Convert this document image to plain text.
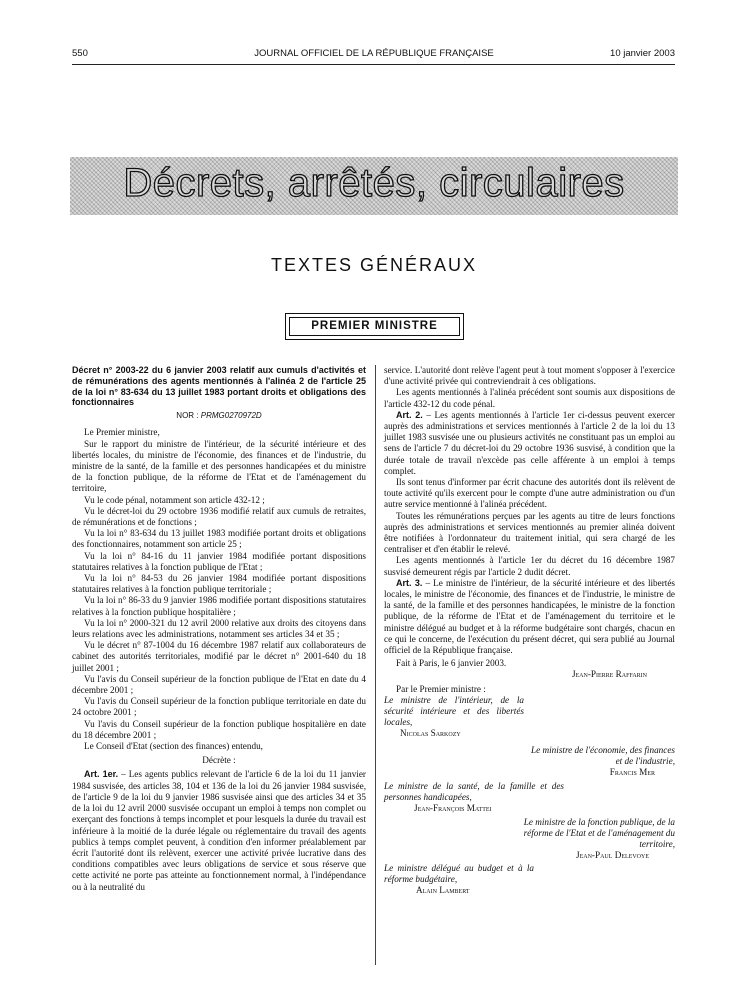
550	JOURNAL OFFICIEL DE LA RÉPUBLIQUE FRANÇAISE	10 janvier 2003
Décrets, arrêtés, circulaires
TEXTES GÉNÉRAUX
PREMIER MINISTRE

Décret n° 2003-22 du 6 janvier 2003 relatif aux cumuls d'activités et de rémunérations des agents mentionnés à l'alinéa 2 de l'article 25 de la loi n° 83-634 du 13 juillet 1983 portant droits et obligations des fonctionnaires

NOR : PRMG0270972D

Le Premier ministre,

Sur le rapport du ministre de l'intérieur, de la sécurité intérieure et des libertés locales, du ministre de l'économie, des finances et de l'industrie, du ministre de la santé, de la famille et des personnes handicapées et du ministre de la fonction publique, de la réforme de l'Etat et de l'aménagement du territoire,

Vu le code pénal, notamment son article 432-12 ;

Vu le décret-loi du 29 octobre 1936 modifié relatif aux cumuls de retraites, de rémunérations et de fonctions ;

Vu la loi n° 83-634 du 13 juillet 1983 modifiée portant droits et obligations des fonctionnaires, notamment son article 25 ;

Vu la loi n° 84-16 du 11 janvier 1984 modifiée portant dispositions statutaires relatives à la fonction publique de l'Etat ;

Vu la loi n° 84-53 du 26 janvier 1984 modifiée portant dispositions statutaires relatives à la fonction publique territoriale ;

Vu la loi n° 86-33 du 9 janvier 1986 modifiée portant dispositions statutaires relatives à la fonction publique hospitalière ;

Vu la loi n° 2000-321 du 12 avril 2000 relative aux droits des citoyens dans leurs relations avec les administrations, notamment ses articles 34 et 35 ;

Vu le décret n° 87-1004 du 16 décembre 1987 relatif aux collaborateurs de cabinet des autorités territoriales, modifié par le décret n° 2001-640 du 18 juillet 2001 ;

Vu l'avis du Conseil supérieur de la fonction publique de l'Etat en date du 4 décembre 2001 ;

Vu l'avis du Conseil supérieur de la fonction publique territoriale en date du 24 octobre 2001 ;

Vu l'avis du Conseil supérieur de la fonction publique hospitalière en date du 18 décembre 2001 ;

Le Conseil d'Etat (section des finances) entendu,

Décrète :

Art. 1er. – Les agents publics relevant de l'article 6 de la loi du 11 janvier 1984 susvisée, des articles 38, 104 et 136 de la loi du 26 janvier 1984 susvisée, de l'article 9 de la loi du 9 janvier 1986 susvisée ainsi que des articles 34 et 35 de la loi du 12 avril 2000 susvisée occupant un emploi à temps non complet ou exerçant des fonctions à temps incomplet et pour lesquels la durée du travail est inférieure à la moitié de la durée légale ou réglementaire du travail des agents publics à temps complet peuvent, à condition d'en informer préalablement par écrit l'autorité dont ils relèvent, exercer une activité privée lucrative dans des conditions compatibles avec leurs obligations de service et sous réserve que cette activité ne porte pas atteinte au fonctionnement normal, à l'indépendance ou à la neutralité du

service. L'autorité dont relève l'agent peut à tout moment s'opposer à l'exercice d'une activité privée qui contreviendrait à ces obligations.

Les agents mentionnés à l'alinéa précédent sont soumis aux dispositions de l'article 432-12 du code pénal.

Art. 2. – Les agents mentionnés à l'article 1er ci-dessus peuvent exercer auprès des administrations et services mentionnés à l'article 2 de la loi du 13 juillet 1983 susvisée une ou plusieurs activités ne constituant pas un emploi au sens de l'article 7 du décret-loi du 29 octobre 1936 susvisé, à condition que la durée totale de travail n'excède pas celle afférente à un emploi à temps complet.

Ils sont tenus d'informer par écrit chacune des autorités dont ils relèvent de toute activité qu'ils exercent pour le compte d'une autre administration ou d'un autre service mentionné à l'alinéa précédent.

Toutes les rémunérations perçues par les agents au titre de leurs fonctions auprès des administrations et services mentionnés au premier alinéa doivent être notifiées à l'ordonnateur du traitement initial, qui sera chargé de les centraliser et d'en établir le relevé.

Les agents mentionnés à l'article 1er du décret du 16 décembre 1987 susvisé demeurent régis par l'article 2 dudit décret.

Art. 3. – Le ministre de l'intérieur, de la sécurité intérieure et des libertés locales, le ministre de l'économie, des finances et de l'industrie, le ministre de la santé, de la famille et des personnes handicapées, le ministre de la fonction publique, de la réforme de l'Etat et de l'aménagement du territoire et le ministre délégué au budget et à la réforme budgétaire sont chargés, chacun en ce qui le concerne, de l'exécution du présent décret, qui sera publié au Journal officiel de la République française.

Fait à Paris, le 6 janvier 2003.

Jean-Pierre Raffarin

Par le Premier ministre :

Le ministre de l'intérieur, de la sécurité intérieure et des libertés locales,

Nicolas Sarkozy

Le ministre de l'économie, des finances et de l'industrie,

Francis Mer

Le ministre de la santé, de la famille et des personnes handicapées,

Jean-François Mattei

Le ministre de la fonction publique, de la réforme de l'Etat et de l'aménagement du territoire,

Jean-Paul Delevoye

Le ministre délégué au budget et à la réforme budgétaire,

Alain Lambert
